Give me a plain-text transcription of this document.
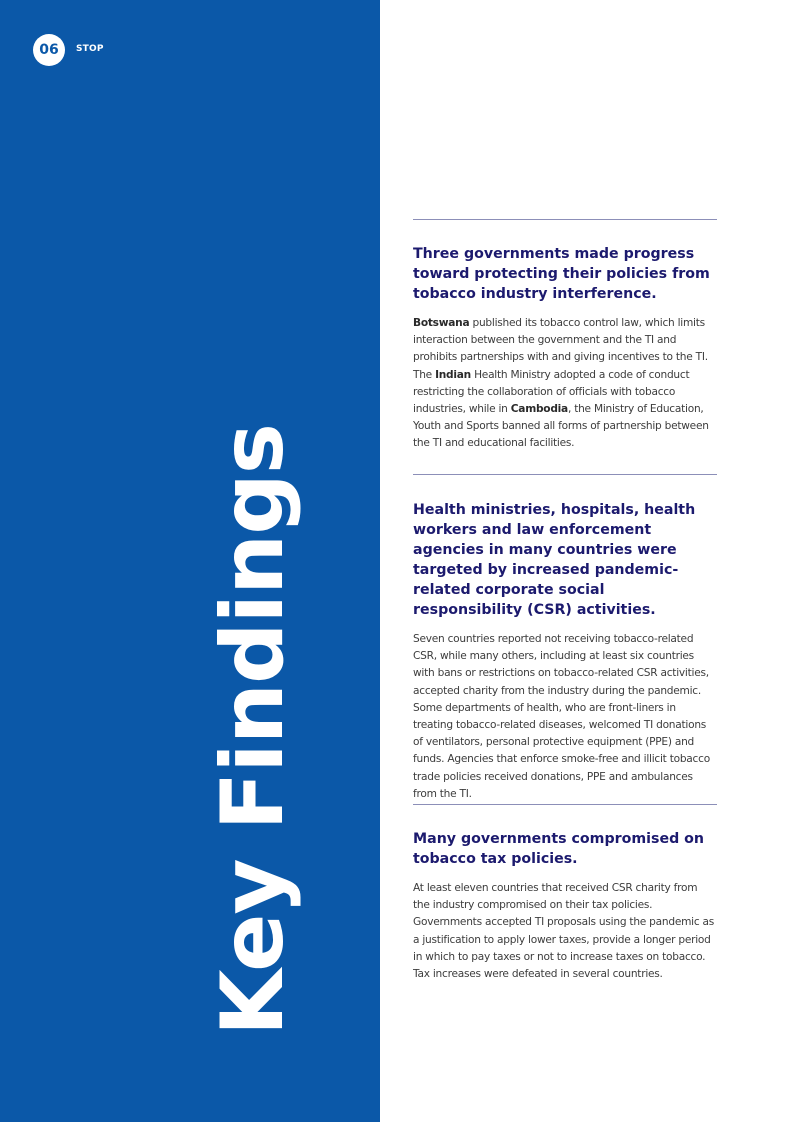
06	STOP
Key Findings
Three governments made progress toward protecting their policies from tobacco industry interference.

Botswana published its tobacco control law, which limits interaction between the government and the TI and prohibits partnerships with and giving incentives to the TI. The Indian Health Ministry adopted a code of conduct restricting the collaboration of officials with tobacco industries, while in Cambodia, the Ministry of Education, Youth and Sports banned all forms of partnership between the TI and educational facilities.

Health ministries, hospitals, health workers and law enforcement agencies in many countries were targeted by increased pandemic-related corporate social responsibility (CSR) activities.

Seven countries reported not receiving tobacco-related CSR, while many others, including at least six countries with bans or restrictions on tobacco-related CSR activities, accepted charity from the industry during the pandemic. Some departments of health, who are front-liners in treating tobacco-related diseases, welcomed TI donations of ventilators, personal protective equipment (PPE) and funds. Agencies that enforce smoke-free and illicit tobacco trade policies received donations, PPE and ambulances from the TI.

Many governments compromised on tobacco tax policies.

At least eleven countries that received CSR charity from the industry compromised on their tax policies. Governments accepted TI proposals using the pandemic as a justification to apply lower taxes, provide a longer period in which to pay taxes or not to increase taxes on tobacco. Tax increases were defeated in several countries.
